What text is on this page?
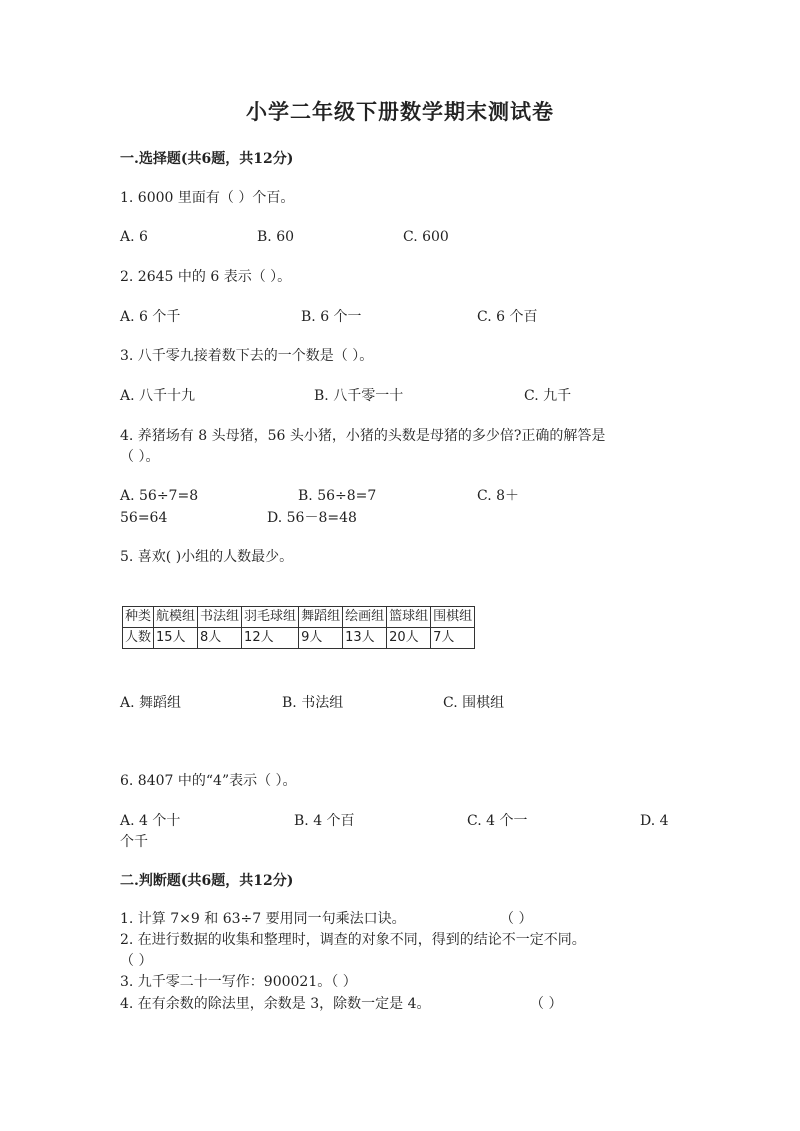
小学二年级下册数学期末测试卷
一.选择题(共6题，共12分)
1. 6000 里面有（ ）个百。
A. 6	B. 60	C. 600
2. 2645 中的 6 表示（ ）。
A. 6 个千	B. 6 个一	C. 6 个百
3. 八千零九接着数下去的一个数是（ ）。
A. 八千十九	B. 八千零一十	C. 九千
4. 养猪场有 8 头母猪，56 头小猪，小猪的头数是母猪的多少倍?正确的解答是
（ ）。
A. 56÷7=8	B. 56÷8=7	C. 8＋
56=64	D. 56－8=48
5. 喜欢( )小组的人数最少。
种类	航模组	书法组	羽毛球组	舞蹈组	绘画组	篮球组	围棋组
人数	15人	8人	12人	9人	13人	20人	7人
A. 舞蹈组	B. 书法组	C. 围棋组
6. 8407 中的“4”表示（ ）。
A. 4 个十	B. 4 个百	C. 4 个一	D. 4
个千
二.判断题(共6题，共12分)
1. 计算 7×9 和 63÷7 要用同一句乘法口诀。	（ ）
2. 在进行数据的收集和整理时，调查的对象不同，得到的结论不一定不同。
（ ）
3. 九千零二十一写作：900021。（ ）
4. 在有余数的除法里，余数是 3，除数一定是 4。	（ ）
